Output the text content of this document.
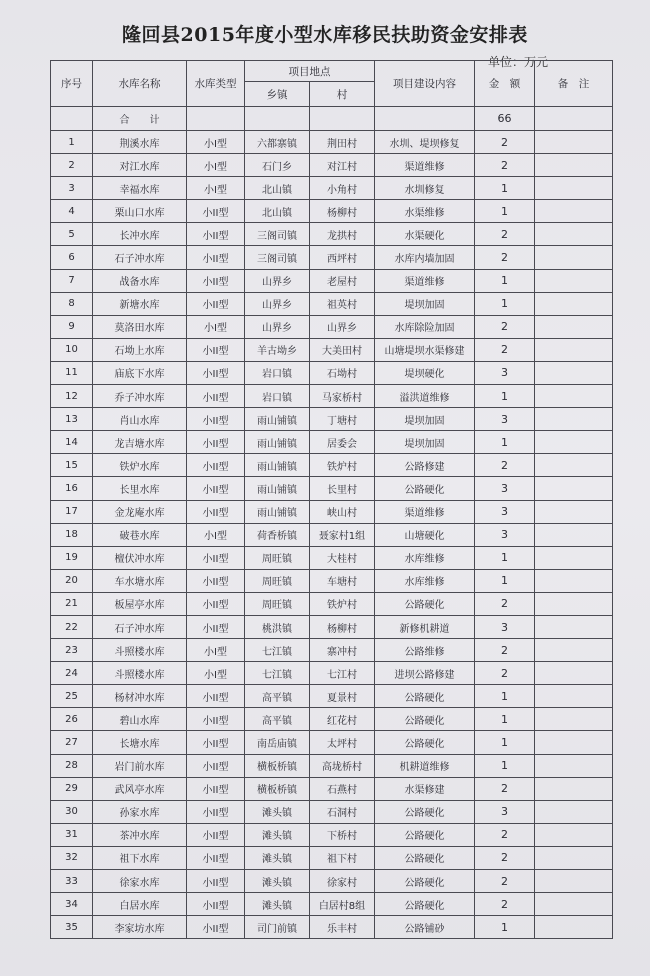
隆回县2015年度小型水库移民扶助资金安排表
单位：万元
序号	水库名称	水库类型	项目地点		项目建设内容	金　额	备　注
			乡镇	村			
	合　　计					66	
1	荆溪水库	小I型	六都寨镇	荆田村	水圳、堤坝修复	2	
2	对江水库	小I型	石门乡	对江村	渠道维修	2	
3	幸福水库	小I型	北山镇	小角村	水圳修复	1	
4	栗山口水库	小II型	北山镇	杨柳村	水渠维修	1	
5	长冲水库	小II型	三阁司镇	龙拱村	水渠硬化	2	
6	石子冲水库	小II型	三阁司镇	西坪村	水库内墙加固	2	
7	战备水库	小II型	山界乡	老屋村	渠道维修	1	
8	新塘水库	小II型	山界乡	祖英村	堤坝加固	1	
9	莫洛田水库	小I型	山界乡	山界乡	水库除险加固	2	
10	石坳上水库	小II型	羊古坳乡	大美田村	山塘堤坝水渠修建	2	
11	庙底下水库	小II型	岩口镇	石坳村	堤坝硬化	3	
12	乔子冲水库	小II型	岩口镇	马家桥村	溢洪道维修	1	
13	肖山水库	小II型	雨山铺镇	丁塘村	堤坝加固	3	
14	龙吉塘水库	小II型	雨山铺镇	居委会	堤坝加固	1	
15	铁炉水库	小II型	雨山铺镇	铁炉村	公路修建	2	
16	长里水库	小II型	雨山铺镇	长里村	公路硬化	3	
17	金龙庵水库	小II型	雨山铺镇	峡山村	渠道维修	3	
18	破巷水库	小I型	荷香桥镇	聂家村1组	山塘硬化	3	
19	檀伏冲水库	小II型	周旺镇	大桂村	水库维修	1	
20	车水塘水库	小II型	周旺镇	车塘村	水库维修	1	
21	板屋亭水库	小II型	周旺镇	铁炉村	公路硬化	2	
22	石子冲水库	小II型	桃洪镇	杨柳村	新修机耕道	3	
23	斗照楼水库	小I型	七江镇	寨冲村	公路维修	2	
24	斗照楼水库	小I型	七江镇	七江村	进坝公路修建	2	
25	杨材冲水库	小II型	高平镇	夏景村	公路硬化	1	
26	碧山水库	小II型	高平镇	红花村	公路硬化	1	
27	长塘水库	小II型	南岳庙镇	太坪村	公路硬化	1	
28	岩门前水库	小II型	横板桥镇	高垅桥村	机耕道维修	1	
29	武风亭水库	小II型	横板桥镇	石燕村	水渠修建	2	
30	孙家水库	小II型	滩头镇	石洞村	公路硬化	3	
31	茶冲水库	小II型	滩头镇	下桥村	公路硬化	2	
32	祖下水库	小II型	滩头镇	祖下村	公路硬化	2	
33	徐家水库	小II型	滩头镇	徐家村	公路硬化	2	
34	白居水库	小II型	滩头镇	白居村8组	公路硬化	2	
35	李家坊水库	小II型	司门前镇	乐丰村	公路铺砂	1	
